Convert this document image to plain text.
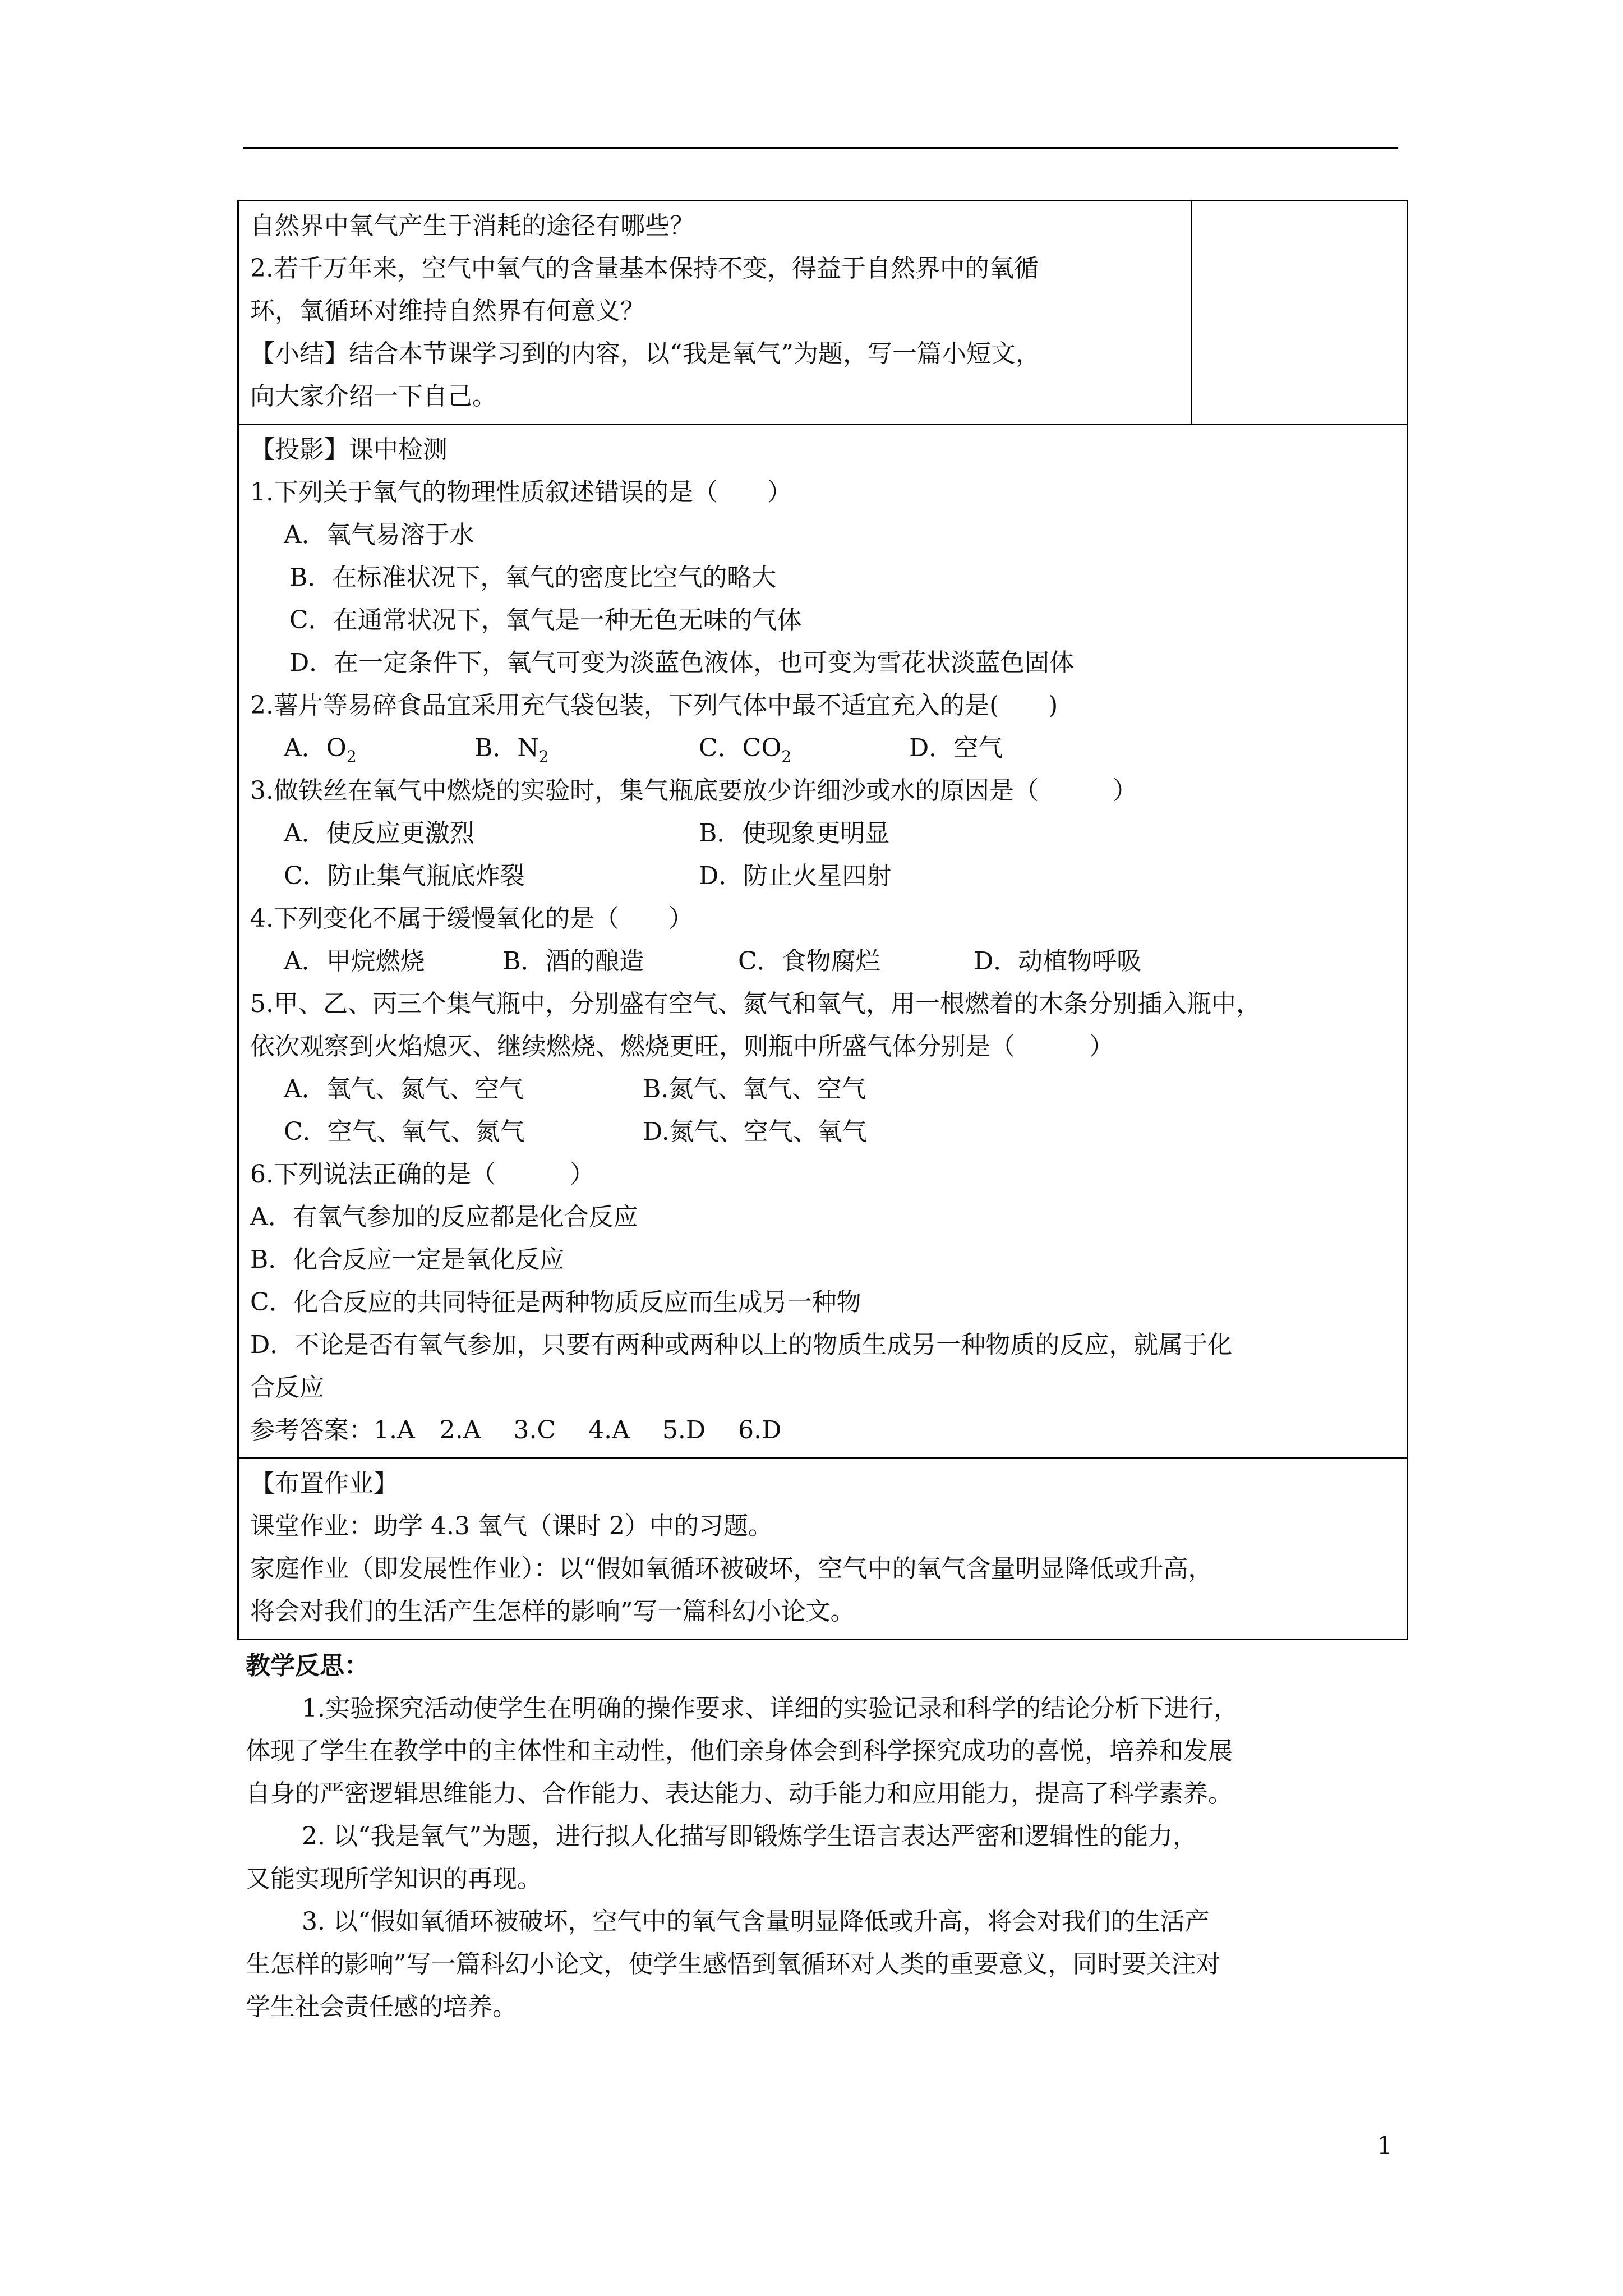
自然界中氧气产生于消耗的途径有哪些？
2.若千万年来，空气中氧气的含量基本保持不变，得益于自然界中的氧循
环，氧循环对维持自然界有何意义？
【小结】结合本节课学习到的内容，以“我是氧气”为题，写一篇小短文，
向大家介绍一下自己。

【投影】课中检测
1.下列关于氧气的物理性质叙述错误的是（　　）
A．氧气易溶于水
B．在标准状况下，氧气的密度比空气的略大
C．在通常状况下，氧气是一种无色无味的气体
D．在一定条件下，氧气可变为淡蓝色液体，也可变为雪花状淡蓝色固体
2.薯片等易碎食品宜采用充气袋包装，下列气体中最不适宜充入的是(　　)
A．$O_2$	B．$N_2$	C．$CO_2$	D．空气
3.做铁丝在氧气中燃烧的实验时，集气瓶底要放少许细沙或水的原因是（　　　）
A．使反应更激烈	B．使现象更明显
C．防止集气瓶底炸裂	D．防止火星四射
4.下列变化不属于缓慢氧化的是（　　）
A．甲烷燃烧	B．酒的酿造	C．食物腐烂	D．动植物呼吸
5.甲、乙、丙三个集气瓶中，分别盛有空气、氮气和氧气，用一根燃着的木条分别插入瓶中，
依次观察到火焰熄灭、继续燃烧、燃烧更旺，则瓶中所盛气体分别是（　　　）
A．氧气、氮气、空气	B.氮气、氧气、空气
C．空气、氧气、氮气	D.氮气、空气、氧气
6.下列说法正确的是（　　　）
A．有氧气参加的反应都是化合反应
B．化合反应一定是氧化反应
C．化合反应的共同特征是两种物质反应而生成另一种物
D．不论是否有氧气参加，只要有两种或两种以上的物质生成另一种物质的反应，就属于化
合反应
参考答案：1.A　2.A　 3.C　 4.A　 5.D　 6.D

【布置作业】
课堂作业：助学 4.3 氧气（课时 2）中的习题。
家庭作业（即发展性作业）：以“假如氧循环被破坏，空气中的氧气含量明显降低或升高，
将会对我们的生活产生怎样的影响”写一篇科幻小论文。
教学反思：
1.实验探究活动使学生在明确的操作要求、详细的实验记录和科学的结论分析下进行，
体现了学生在教学中的主体性和主动性，他们亲身体会到科学探究成功的喜悦，培养和发展
自身的严密逻辑思维能力、合作能力、表达能力、动手能力和应用能力，提高了科学素养。
2. 以“我是氧气”为题，进行拟人化描写即锻炼学生语言表达严密和逻辑性的能力，
又能实现所学知识的再现。
3. 以“假如氧循环被破坏，空气中的氧气含量明显降低或升高，将会对我们的生活产
生怎样的影响”写一篇科幻小论文，使学生感悟到氧循环对人类的重要意义，同时要关注对
学生社会责任感的培养。
1
